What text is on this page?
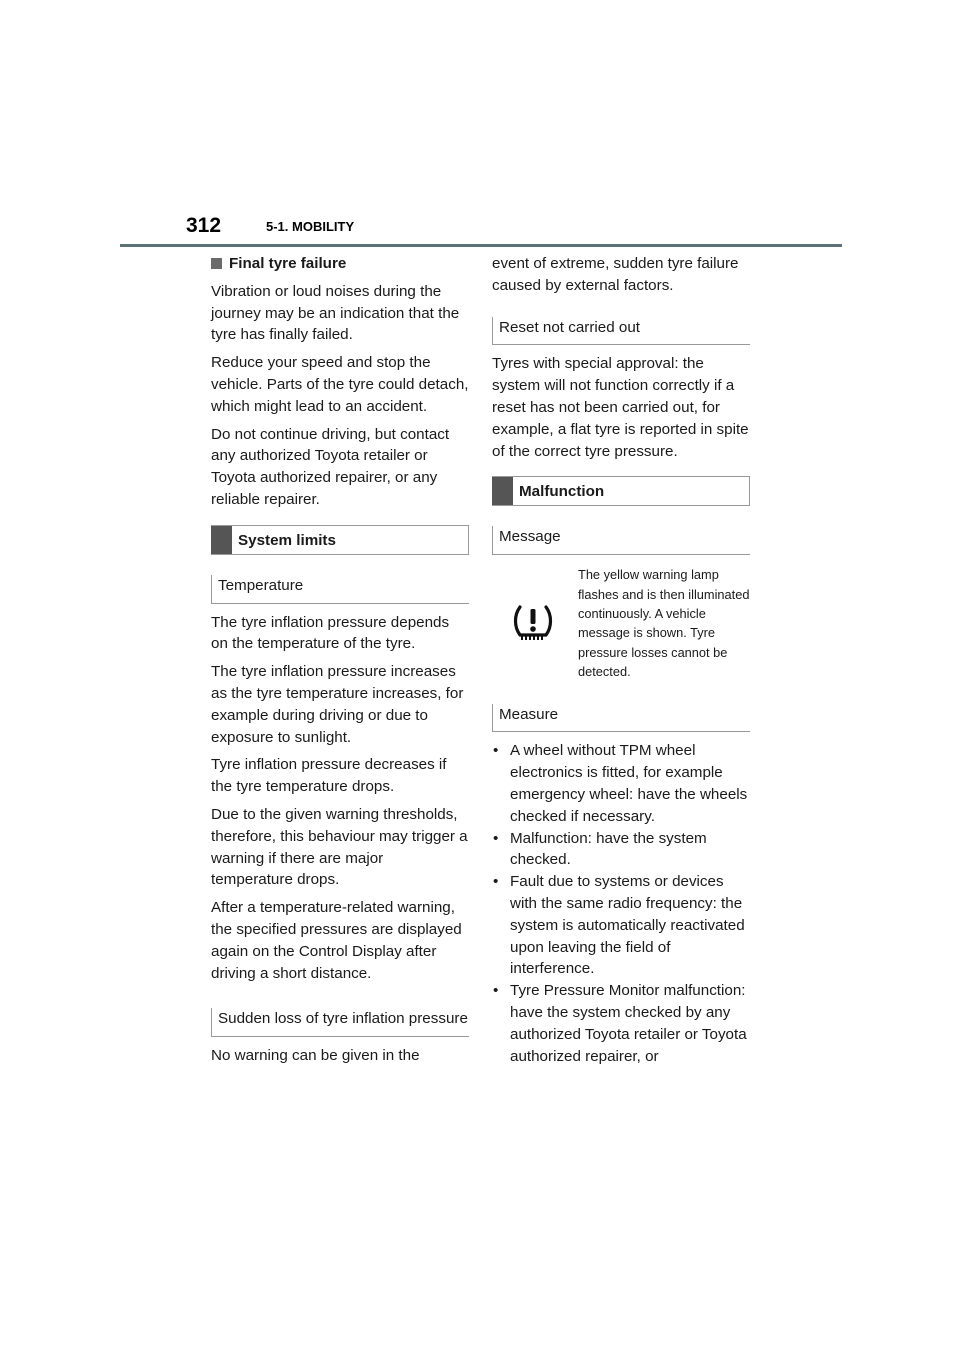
312	5-1. MOBILITY
Final tyre failure

Vibration or loud noises during the journey may be an indication that the tyre has finally failed.

Reduce your speed and stop the vehicle. Parts of the tyre could detach, which might lead to an accident.

Do not continue driving, but contact any authorized Toyota retailer or Toyota authorized repairer, or any reliable repairer.

System limits
Temperature

The tyre inflation pressure depends on the temperature of the tyre.

The tyre inflation pressure increases as the tyre temperature increases, for example during driving or due to exposure to sunlight.

Tyre inflation pressure decreases if the tyre temperature drops.

Due to the given warning thresholds, therefore, this behaviour may trigger a warning if there are major temperature drops.

After a temperature-related warning, the specified pressures are displayed again on the Control Display after driving a short distance.

Sudden loss of tyre inflation pressure

No warning can be given in the

event of extreme, sudden tyre failure caused by external factors.

Reset not carried out

Tyres with special approval: the system will not function correctly if a reset has not been carried out, for example, a flat tyre is reported in spite of the correct tyre pressure.

Malfunction
Message
The yellow warning lamp flashes and is then illuminated continuously. A vehicle message is shown. Tyre pressure losses cannot be detected.
Measure
• A wheel without TPM wheel electronics is fitted, for example emergency wheel: have the wheels checked if necessary.
• Malfunction: have the system checked.
• Fault due to systems or devices with the same radio frequency: the system is automatically reactivated upon leaving the field of interference.
• Tyre Pressure Monitor malfunction: have the system checked by any authorized Toyota retailer or Toyota authorized repairer, or
